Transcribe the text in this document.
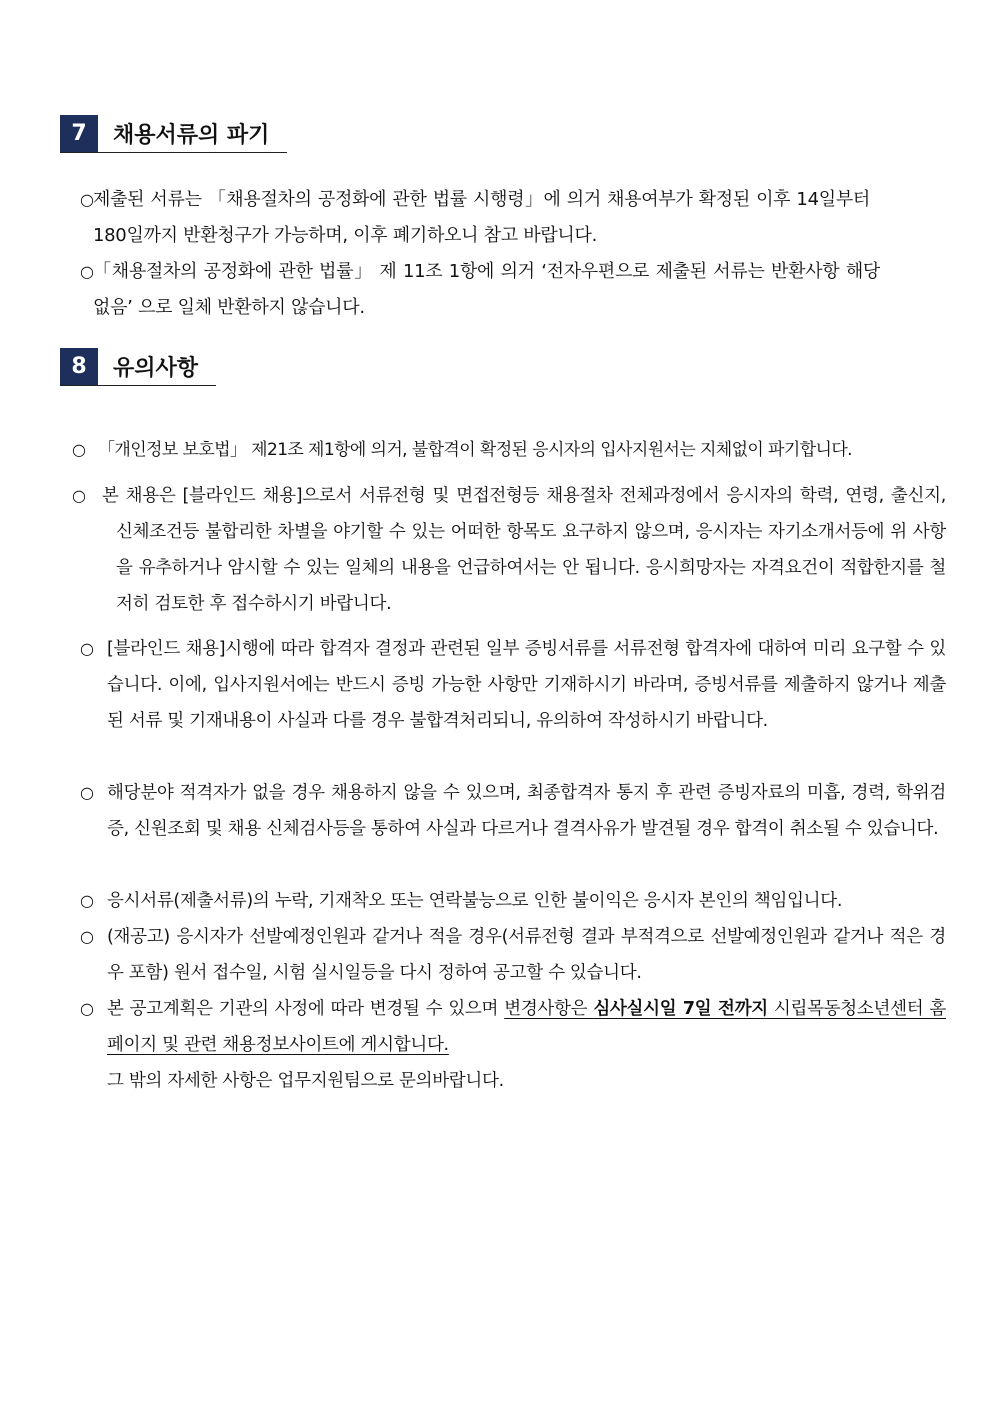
7	채용서류의 파기
○ 제출된 서류는 「채용절차의 공정화에 관한 법률 시행령」에 의거 채용여부가 확정된 이후 14일부터 180일까지 반환청구가 가능하며, 이후 폐기하오니 참고 바랍니다.
○ 「채용절차의 공정화에 관한 법률」 제 11조 1항에 의거 ‘전자우편으로 제출된 서류는 반환사항 해당없음’ 으로 일체 반환하지 않습니다.
8	유의사항
○ 「개인정보 보호법」 제21조 제1항에 의거, 불합격이 확정된 응시자의 입사지원서는 지체없이 파기합니다.
○ 본 채용은 [블라인드 채용]으로서 서류전형 및 면접전형등 채용절차 전체과정에서 응시자의 학력, 연령, 출신지, 신체조건등 불합리한 차별을 야기할 수 있는 어떠한 항목도 요구하지 않으며, 응시자는 자기소개서등에 위 사항을 유추하거나 암시할 수 있는 일체의 내용을 언급하여서는 안 됩니다. 응시희망자는 자격요건이 적합한지를 철저히 검토한 후 접수하시기 바랍니다.
○ [블라인드 채용]시행에 따라 합격자 결정과 관련된 일부 증빙서류를 서류전형 합격자에 대하여 미리 요구할 수 있습니다. 이에, 입사지원서에는 반드시 증빙 가능한 사항만 기재하시기 바라며, 증빙서류를 제출하지 않거나 제출된 서류 및 기재내용이 사실과 다를 경우 불합격처리되니, 유의하여 작성하시기 바랍니다.
○ 해당분야 적격자가 없을 경우 채용하지 않을 수 있으며, 최종합격자 통지 후 관련 증빙자료의 미흡, 경력, 학위검증, 신원조회 및 채용 신체검사등을 통하여 사실과 다르거나 결격사유가 발견될 경우 합격이 취소될 수 있습니다.
○ 응시서류(제출서류)의 누락, 기재착오 또는 연락불능으로 인한 불이익은 응시자 본인의 책임입니다.
○ (재공고) 응시자가 선발예정인원과 같거나 적을 경우(서류전형 결과 부적격으로 선발예정인원과 같거나 적은 경우 포함) 원서 접수일, 시험 실시일등을 다시 정하여 공고할 수 있습니다.
○ 본 공고계획은 기관의 사정에 따라 변경될 수 있으며 변경사항은 심사실시일 7일 전까지 시립목동청소년센터 홈페이지 및 관련 채용정보사이트에 게시합니다.
그 밖의 자세한 사항은 업무지원팀으로 문의바랍니다.
